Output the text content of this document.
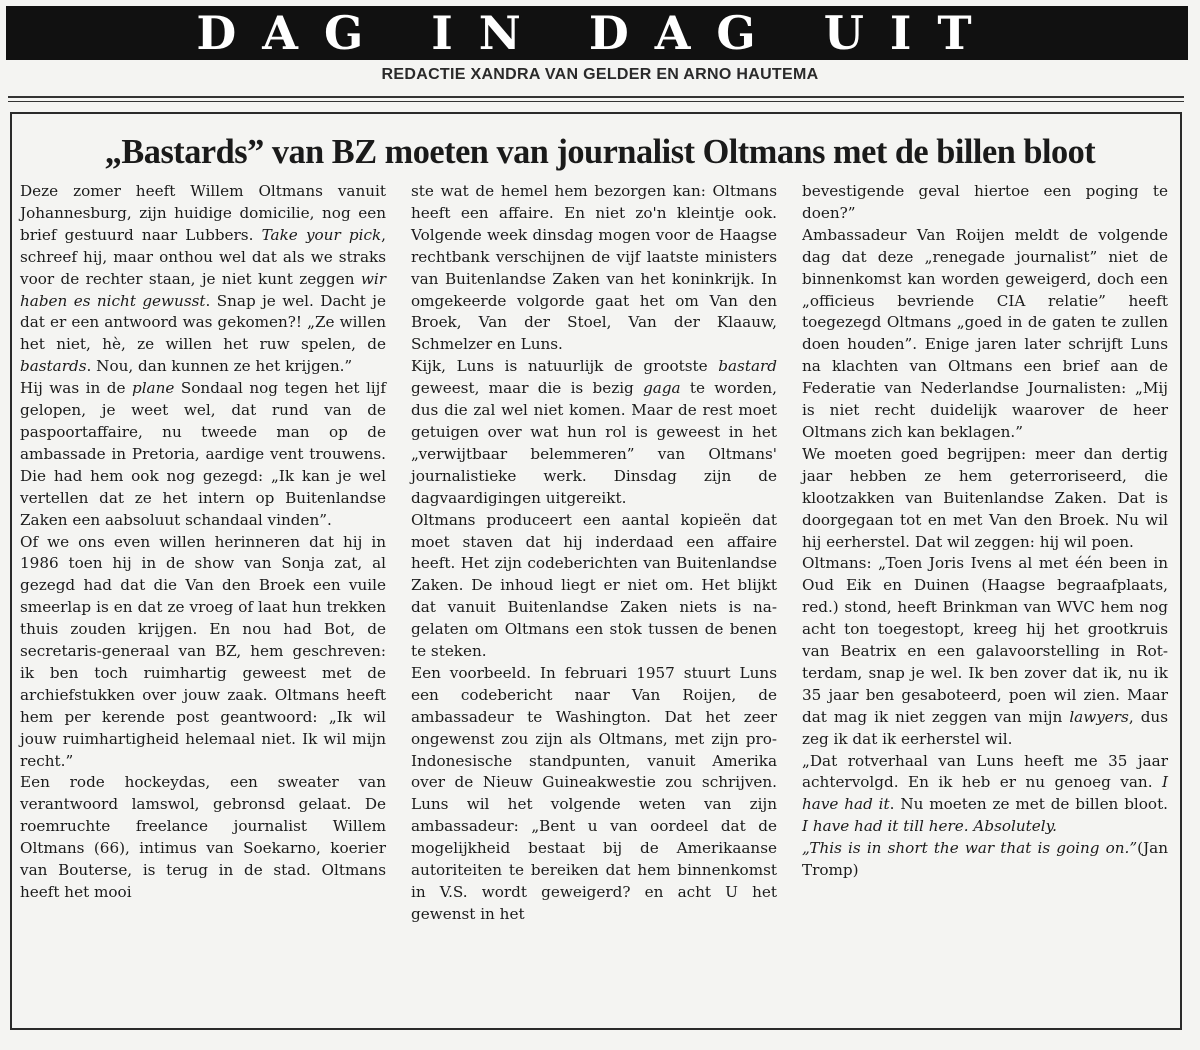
DAG IN DAG UIT
REDACTIE XANDRA VAN GELDER EN ARNO HAUTEMA
„Bastards” van BZ moeten van journalist Oltmans met de billen bloot

Deze zomer heeft Willem Oltmans vanuit Johannesburg, zijn huidige domicilie, nog een brief gestuurd naar Lubbers. Take your pick, schreef hij, maar onthou wel dat als we straks voor de rechter staan, je niet kunt zeggen wir haben es nicht gewusst. Snap je wel. Dacht je dat er een antwoord was gekomen?! „Ze willen het niet, hè, ze willen het ruw spelen, de bastards. Nou, dan kunnen ze het krijgen.”

Hij was in de plane Sondaal nog tegen het lijf gelopen, je weet wel, dat rund van de paspoortaffaire, nu tweede man op de ambassade in Pretoria, aardige vent trouwens. Die had hem ook nog gezegd: „Ik kan je wel vertellen dat ze het intern op Buitenlandse Zaken een aabsoluut schandaal vinden”.

Of we ons even willen herinneren dat hij in 1986 toen hij in de show van Sonja zat, al gezegd had dat die Van den Broek een vuile smeerlap is en dat ze vroeg of laat hun trekken thuis zouden krijgen. En nou had Bot, de secretaris-generaal van BZ, hem geschreven: ik ben toch ruimhartig geweest met de archiefstukken over jouw zaak. Oltmans heeft hem per kerende post geantwoord: „Ik wil jouw ruimhartigheid helemaal niet. Ik wil mijn recht.”

Een rode hockeydas, een sweater van verantwoord lamswol, gebronsd gelaat. De roemruchte freelance journalist Willem Oltmans (66), intimus van Soekarno, koerier van Bouterse, is terug in de stad. Oltmans heeft het mooi

ste wat de hemel hem bezorgen kan: Oltmans heeft een affaire. En niet zo'n kleintje ook. Volgende week dinsdag mogen voor de Haagse rechtbank verschijnen de vijf laatste ministers van Buitenlandse Zaken van het koninkrijk. In omgekeerde volgorde gaat het om Van den Broek, Van der Stoel, Van der Klaauw, Schmelzer en Luns.

Kijk, Luns is natuurlijk de grootste bastard geweest, maar die is bezig gaga te worden, dus die zal wel niet komen. Maar de rest moet getuigen over wat hun rol is geweest in het „verwijtbaar belemmeren” van Oltmans' journalistieke werk. Dinsdag zijn de dagvaardigingen uitgereikt.

Oltmans produceert een aantal kopieën dat moet staven dat hij inderdaad een affaire heeft. Het zijn codeberichten van Buitenlandse Zaken. De inhoud liegt er niet om. Het blijkt dat vanuit Buitenlandse Zaken niets is nagelaten om Oltmans een stok tussen de benen te steken.

Een voorbeeld. In februari 1957 stuurt Luns een codebericht naar Van Roijen, de ambassadeur te Washington. Dat het zeer ongewenst zou zijn als Oltmans, met zijn pro-Indonesische standpunten, vanuit Amerika over de Nieuw Guineakwestie zou schrijven. Luns wil het volgende weten van zijn ambassadeur: „Bent u van oordeel dat de mogelijkheid bestaat bij de Amerikaanse autoriteiten te bereiken dat hem binnenkomst in V.S. wordt geweigerd? en acht U het gewenst in het

bevestigende geval hiertoe een poging te doen?”

Ambassadeur Van Roijen meldt de volgende dag dat deze „renegade journalist” niet de binnenkomst kan worden geweigerd, doch een „officieus bevriende CIA relatie” heeft toegezegd Oltmans „goed in de gaten te zullen doen houden”. Enige jaren later schrijft Luns na klachten van Oltmans een brief aan de Federatie van Nederlandse Journalisten: „Mij is niet recht duidelijk waarover de heer Oltmans zich kan beklagen.”

We moeten goed begrijpen: meer dan dertig jaar hebben ze hem geterroriseerd, die klootzakken van Buitenlandse Zaken. Dat is doorgegaan tot en met Van den Broek. Nu wil hij eerherstel. Dat wil zeggen: hij wil poen.

Oltmans: „Toen Joris Ivens al met één been in Oud Eik en Duinen (Haagse begraafplaats, red.) stond, heeft Brinkman van WVC hem nog acht ton toegestopt, kreeg hij het grootkruis van Beatrix en een galavoorstelling in Rotterdam, snap je wel. Ik ben zover dat ik, nu ik 35 jaar ben gesaboteerd, poen wil zien. Maar dat mag ik niet zeggen van mijn lawyers, dus zeg ik dat ik eerherstel wil.

„Dat rotverhaal van Luns heeft me 35 jaar achtervolgd. En ik heb er nu genoeg van. I have had it. Nu moeten ze met de billen bloot. I have had it till here. Absolutely.

„This is in short the war that is going on.”(Jan Tromp)
